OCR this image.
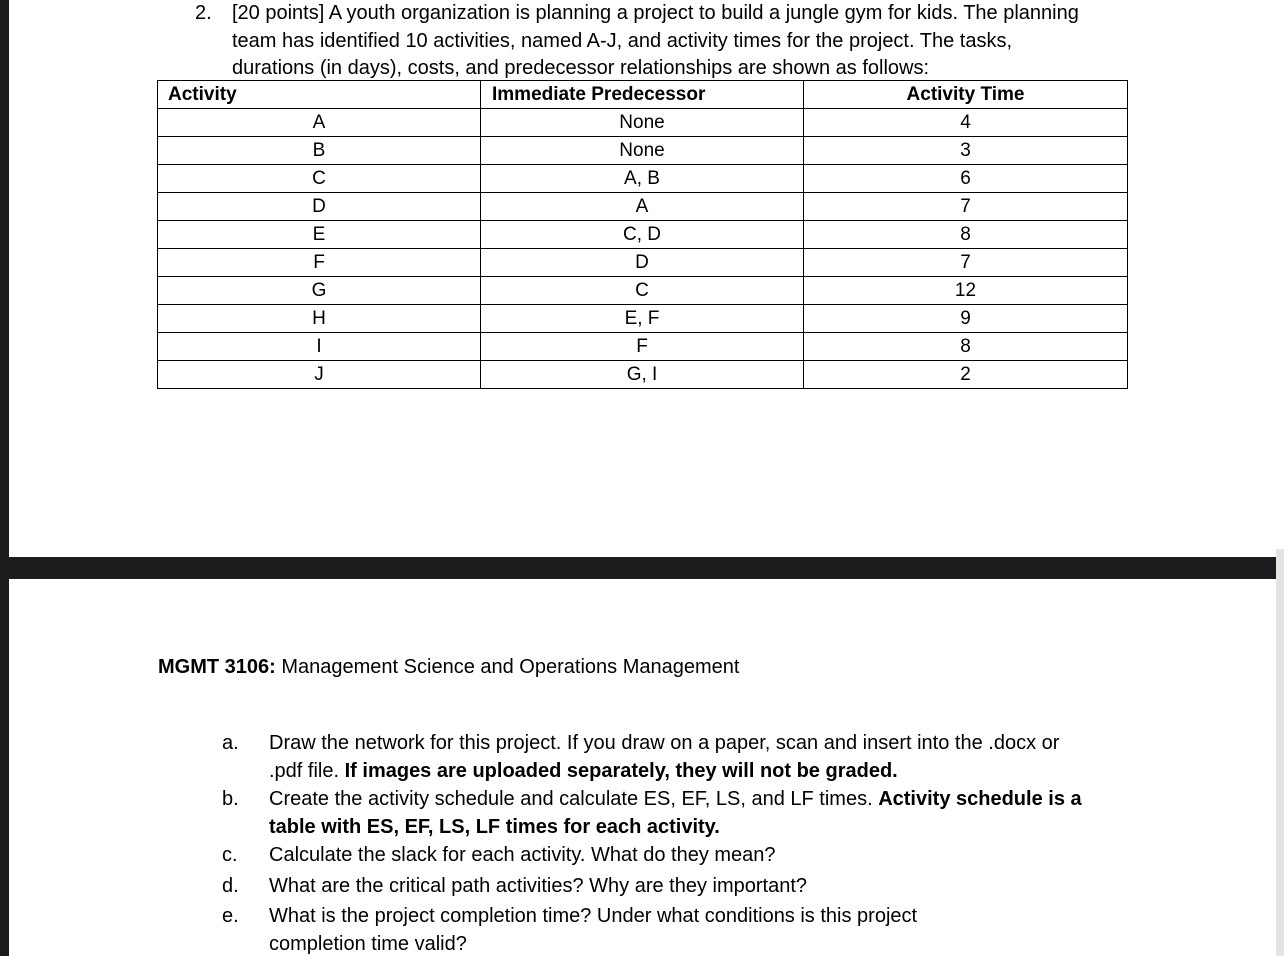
2. [20 points] A youth organization is planning a project to build a jungle gym for kids. The planning
team has identified 10 activities, named A-J, and activity times for the project. The tasks,
durations (in days), costs, and predecessor relationships are shown as follows:
Activity	Immediate Predecessor	Activity Time
A	None	4
B	None	3
C	A, B	6
D	A	7
E	C, D	8
F	D	7
G	C	12
H	E, F	9
I	F	8
J	G, I	2
MGMT 3106: Management Science and Operations Management
a.	Draw the network for this project. If you draw on a paper, scan and insert into the .docx or
.pdf file. If images are uploaded separately, they will not be graded.
b.	Create the activity schedule and calculate ES, EF, LS, and LF times. Activity schedule is a
table with ES, EF, LS, LF times for each activity.
c.	Calculate the slack for each activity. What do they mean?
d.	What are the critical path activities? Why are they important?
e.	What is the project completion time? Under what conditions is this project
completion time valid?
